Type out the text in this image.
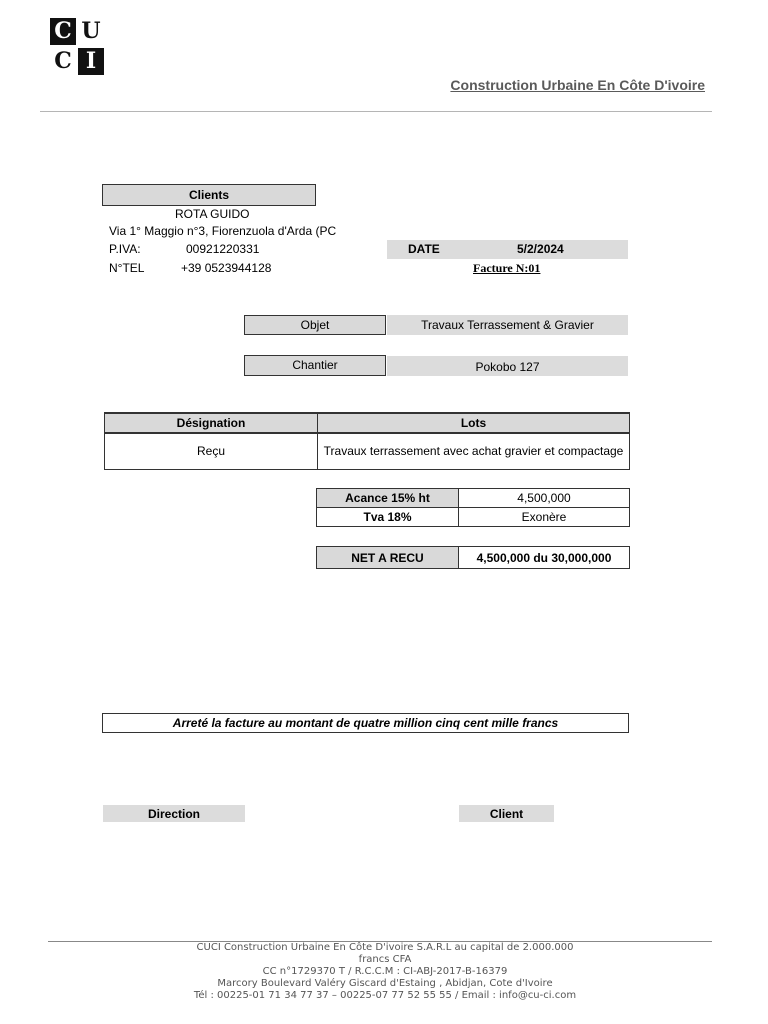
C U
C I
Construction Urbaine En Côte D'ivoire
Clients
ROTA GUIDO
Via 1° Maggio n°3, Fiorenzuola d'Arda (PC
P.IVA:	00921220331
N°TEL	+39 0523944128
DATE	5/2/2024
Facture N:01
Objet	Travaux Terrassement & Gravier
Chantier	Pokobo 127
Désignation	Lots
Reçu	Travaux terrassement avec achat gravier et compactage
Acance 15% ht	4,500,000
Tva 18%	Exonère
NET A RECU	4,500,000 du 30,000,000
Arreté la facture au montant de quatre million cinq cent mille francs
Direction	Client
CUCI Construction Urbaine En Côte D'ivoire S.A.R.L au capital de 2.000.000
francs CFA
CC n°1729370 T / R.C.C.M : CI-ABJ-2017-B-16379
Marcory Boulevard Valéry Giscard d'Estaing , Abidjan, Cote d'Ivoire
Tél : 00225-01 71 34 77 37 – 00225-07 77 52 55 55 / Email : info@cu-ci.com
